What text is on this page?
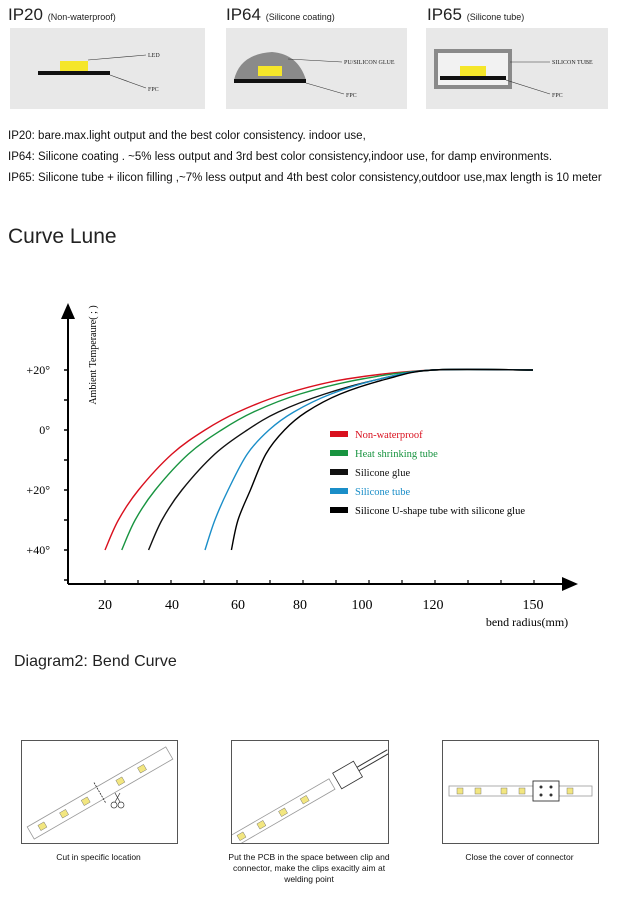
IP20 (Non-waterproof)	IP64 (Silicone coating)	IP65 (Silicone tube)
LED
FPC
PU/SILICON GLUE
FPC
SILICON TUBE
FPC
IP20: bare.max.light output and the best color consistency. indoor use,
IP64: Silicone coating . ~5% less output and 3rd best color consistency,indoor use, for damp environments.
IP65: Silicone tube + ilicon filling ,~7% less output and 4th best color consistency,outdoor use,max length is 10 meter
Curve Lune
+20°
0°
+20°
+40°
20	40	60	80	100	120	150
Ambient Temperaure( ; )
bend radius(mm)
Non-waterproof
Heat shrinking tube
Silicone glue
Silicone tube
Silicone U-shape tube with silicone glue
Diagram2: Bend Curve
Cut in specific location	Put the PCB in the space between clip and connector, make the clips exacitly aim at welding point
Close the cover of connector
